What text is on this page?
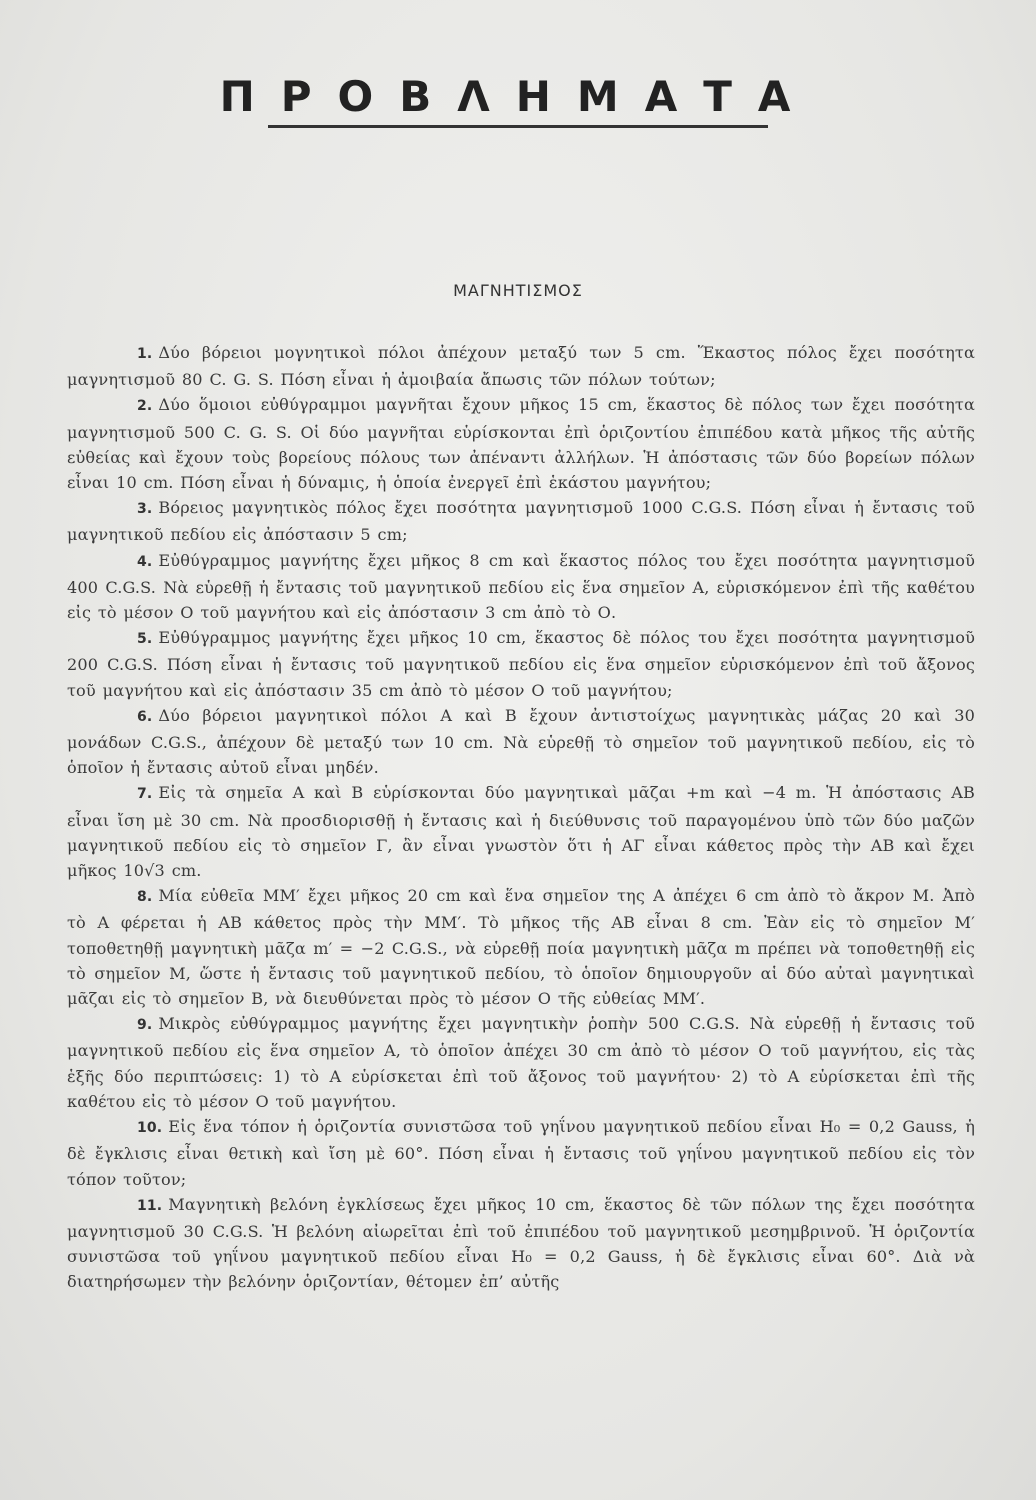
ΠΡΟΒΛΗΜΑΤΑ
ΜΑΓΝΗΤΙΣΜΟΣ

1. Δύο βόρειοι μογνητικοὶ πόλοι ἀπέχουν μεταξύ των 5 cm. Ἕκαστος πόλος ἔχει ποσότητα μαγνητισμοῦ 80 C. G. S. Πόση εἶναι ἡ ἀμοιβαία ἄπωσις τῶν πόλων τούτων;

2. Δύο ὅμοιοι εὐθύγραμμοι μαγνῆται ἔχουν μῆκος 15 cm, ἕκαστος δὲ πόλος των ἔχει ποσότητα μαγνητισμοῦ 500 C. G. S. Οἱ δύο μαγνῆται εὑρίσκονται ἐπὶ ὁριζοντίου ἐπιπέδου κατὰ μῆκος τῆς αὐτῆς εὐθείας καὶ ἔχουν τοὺς βορείους πόλους των ἀπέναντι ἀλλήλων. Ἡ ἀπόστασις τῶν δύο βορείων πόλων εἶναι 10 cm. Πόση εἶναι ἡ δύναμις, ἡ ὁποία ἐνεργεῖ ἐπὶ ἑκάστου μαγνήτου;

3. Βόρειος μαγνητικὸς πόλος ἔχει ποσότητα μαγνητισμοῦ 1000 C.G.S. Πόση εἶναι ἡ ἔντασις τοῦ μαγνητικοῦ πεδίου εἰς ἀπόστασιν 5 cm;

4. Εὐθύγραμμος μαγνήτης ἔχει μῆκος 8 cm καὶ ἕκαστος πόλος του ἔχει ποσότητα μαγνητισμοῦ 400 C.G.S. Νὰ εὑρεθῇ ἡ ἔντασις τοῦ μαγνητικοῦ πεδίου εἰς ἕνα σημεῖον Α, εὑρισκόμενον ἐπὶ τῆς καθέτου εἰς τὸ μέσον Ο τοῦ μαγνήτου καὶ εἰς ἀπόστασιν 3 cm ἀπὸ τὸ Ο.

5. Εὐθύγραμμος μαγνήτης ἔχει μῆκος 10 cm, ἕκαστος δὲ πόλος του ἔχει ποσότητα μαγνητισμοῦ 200 C.G.S. Πόση εἶναι ἡ ἔντασις τοῦ μαγνητικοῦ πεδίου εἰς ἕνα σημεῖον εὑρισκόμενον ἐπὶ τοῦ ἄξονος τοῦ μαγνήτου καὶ εἰς ἀπόστασιν 35 cm ἀπὸ τὸ μέσον Ο τοῦ μαγνήτου;

6. Δύο βόρειοι μαγνητικοὶ πόλοι Α καὶ Β ἔχουν ἀντιστοίχως μαγνητικὰς μάζας 20 καὶ 30 μονάδων C.G.S., ἀπέχουν δὲ μεταξύ των 10 cm. Νὰ εὑρεθῇ τὸ σημεῖον τοῦ μαγνητικοῦ πεδίου, εἰς τὸ ὁποῖον ἡ ἔντασις αὐτοῦ εἶναι μηδέν.

7. Εἰς τὰ σημεῖα Α καὶ Β εὑρίσκονται δύο μαγνητικαὶ μᾶζαι +m καὶ −4 m. Ἡ ἀπόστασις ΑΒ εἶναι ἴση μὲ 30 cm. Νὰ προσδιορισθῇ ἡ ἔντασις καὶ ἡ διεύθυνσις τοῦ παραγομένου ὑπὸ τῶν δύο μαζῶν μαγνητικοῦ πεδίου εἰς τὸ σημεῖον Γ, ἂν εἶναι γνωστὸν ὅτι ἡ ΑΓ εἶναι κάθετος πρὸς τὴν ΑΒ καὶ ἔχει μῆκος 10√3 cm.

8. Μία εὐθεῖα ΜΜ′ ἔχει μῆκος 20 cm καὶ ἕνα σημεῖον της Α ἀπέχει 6 cm ἀπὸ τὸ ἄκρον Μ. Ἀπὸ τὸ Α φέρεται ἡ ΑΒ κάθετος πρὸς τὴν ΜΜ′. Τὸ μῆκος τῆς ΑΒ εἶναι 8 cm. Ἐὰν εἰς τὸ σημεῖον Μ′ τοποθετηθῇ μαγνητικὴ μᾶζα m′ = −2 C.G.S., νὰ εὑρεθῇ ποία μαγνητικὴ μᾶζα m πρέπει νὰ τοποθετηθῇ εἰς τὸ σημεῖον Μ, ὥστε ἡ ἔντασις τοῦ μαγνητικοῦ πεδίου, τὸ ὁποῖον δημιουργοῦν αἱ δύο αὐταὶ μαγνητικαὶ μᾶζαι εἰς τὸ σημεῖον Β, νὰ διευθύνεται πρὸς τὸ μέσον Ο τῆς εὐθείας ΜΜ′.

9. Μικρὸς εὐθύγραμμος μαγνήτης ἔχει μαγνητικὴν ῥοπὴν 500 C.G.S. Νὰ εὑρεθῇ ἡ ἔντασις τοῦ μαγνητικοῦ πεδίου εἰς ἕνα σημεῖον Α, τὸ ὁποῖον ἀπέχει 30 cm ἀπὸ τὸ μέσον Ο τοῦ μαγνήτου, εἰς τὰς ἑξῆς δύο περιπτώσεις: 1) τὸ Α εὑρίσκεται ἐπὶ τοῦ ἄξονος τοῦ μαγνήτου· 2) τὸ Α εὑρίσκεται ἐπὶ τῆς καθέτου εἰς τὸ μέσον Ο τοῦ μαγνήτου.

10. Εἰς ἕνα τόπον ἡ ὁριζοντία συνιστῶσα τοῦ γηΐνου μαγνητικοῦ πεδίου εἶναι H₀ = 0,2 Gauss, ἡ δὲ ἔγκλισις εἶναι θετικὴ καὶ ἴση μὲ 60°. Πόση εἶναι ἡ ἔντασις τοῦ γηΐνου μαγνητικοῦ πεδίου εἰς τὸν τόπον τοῦτον;

11. Μαγνητικὴ βελόνη ἐγκλίσεως ἔχει μῆκος 10 cm, ἕκαστος δὲ τῶν πόλων της ἔχει ποσότητα μαγνητισμοῦ 30 C.G.S. Ἡ βελόνη αἰωρεῖται ἐπὶ τοῦ ἐπιπέδου τοῦ μαγνητικοῦ μεσημβρινοῦ. Ἡ ὁριζοντία συνιστῶσα τοῦ γηΐνου μαγνητικοῦ πεδίου εἶναι H₀ = 0,2 Gauss, ἡ δὲ ἔγκλισις εἶναι 60°. Διὰ νὰ διατηρήσωμεν τὴν βελόνην ὁριζοντίαν, θέτομεν ἐπ’ αὐτῆς
